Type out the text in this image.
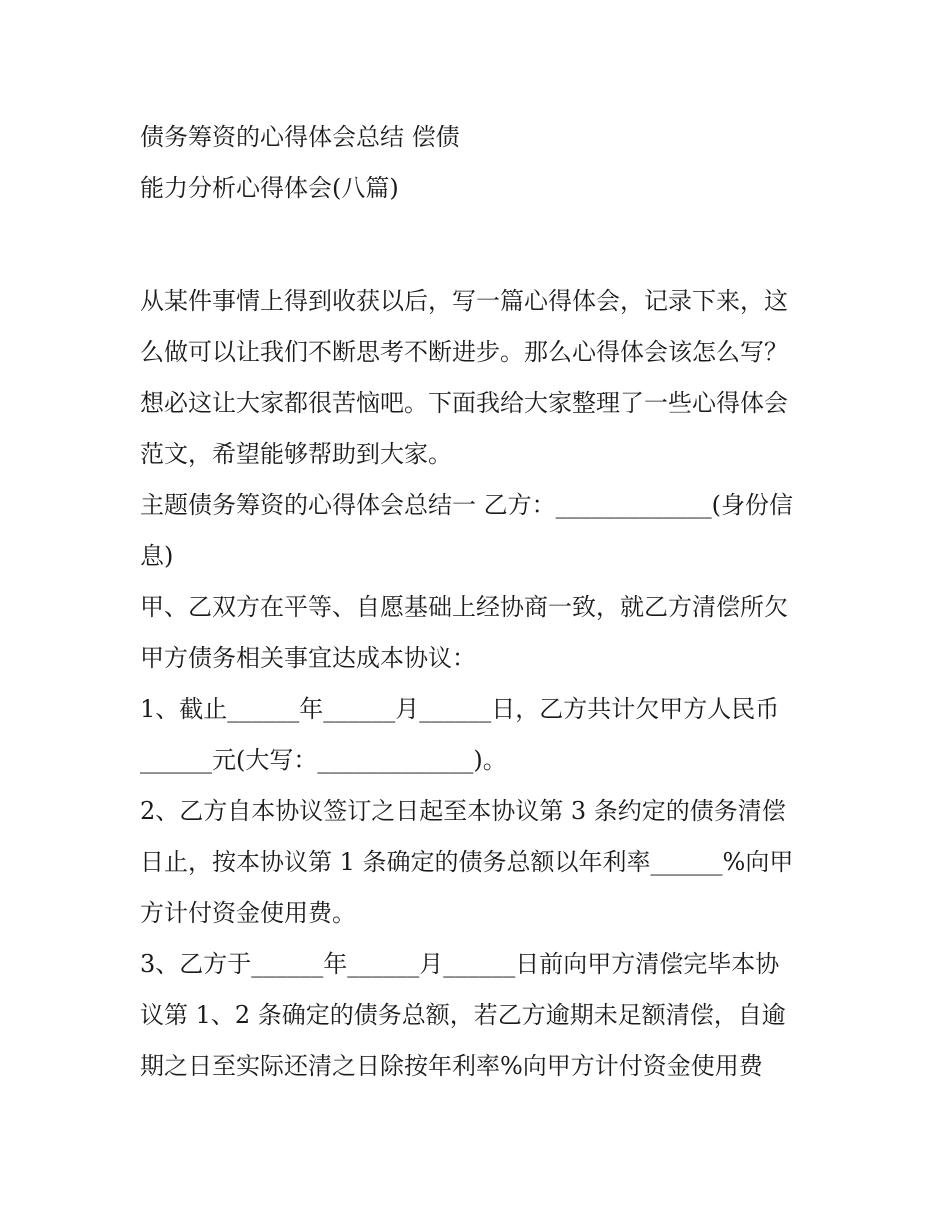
债务筹资的心得体会总结 偿债
能力分析心得体会(八篇)
从某件事情上得到收获以后，写一篇心得体会，记录下来，这
么做可以让我们不断思考不断进步。那么心得体会该怎么写？
想必这让大家都很苦恼吧。下面我给大家整理了一些心得体会
范文，希望能够帮助到大家。
主题债务筹资的心得体会总结一 乙方：_____________(身份信
息)
甲、乙双方在平等、自愿基础上经协商一致，就乙方清偿所欠
甲方债务相关事宜达成本协议：
1、截止______年______月______日，乙方共计欠甲方人民币
______元(大写：_____________)。
2、乙方自本协议签订之日起至本协议第 3 条约定的债务清偿
日止，按本协议第 1 条确定的债务总额以年利率______%向甲
方计付资金使用费。
3、乙方于______年______月______日前向甲方清偿完毕本协
议第 1、2 条确定的债务总额，若乙方逾期未足额清偿，自逾
期之日至实际还清之日除按年利率%向甲方计付资金使用费
